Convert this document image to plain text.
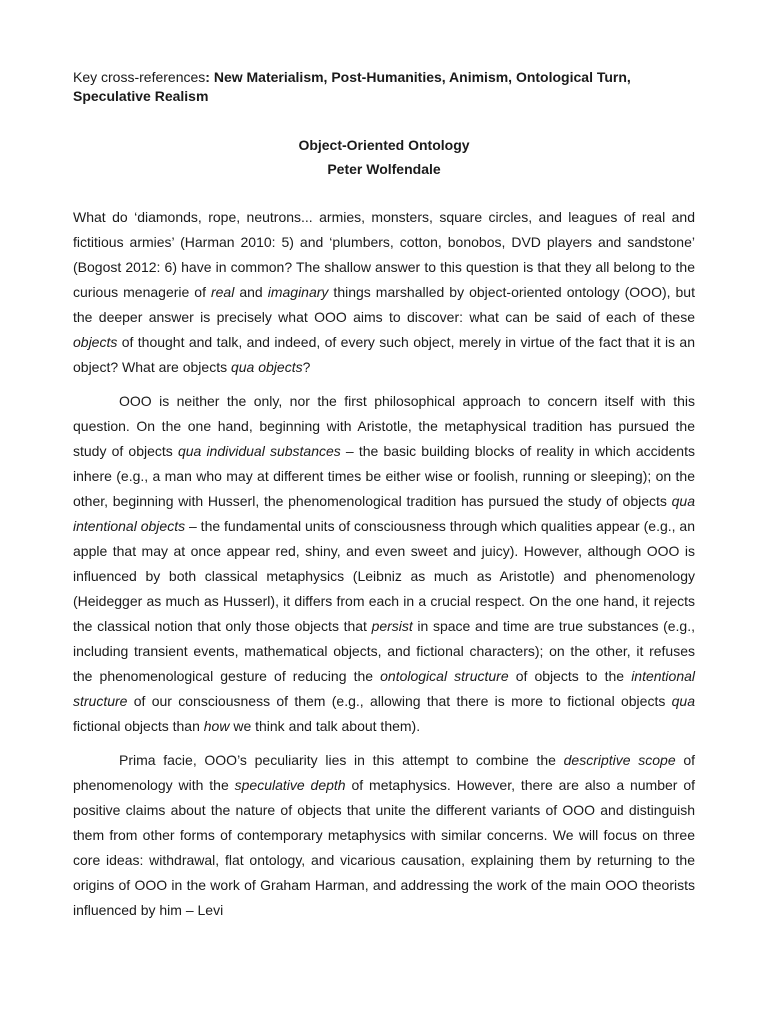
Key cross-references: New Materialism, Post-Humanities, Animism, Ontological Turn, Speculative Realism
Object-Oriented Ontology
Peter Wolfendale

What do ‘diamonds, rope, neutrons... armies, monsters, square circles, and leagues of real and fictitious armies’ (Harman 2010: 5) and ‘plumbers, cotton, bonobos, DVD players and sandstone’ (Bogost 2012: 6) have in common? The shallow answer to this question is that they all belong to the curious menagerie of real and imaginary things marshalled by object-oriented ontology (OOO), but the deeper answer is precisely what OOO aims to discover: what can be said of each of these objects of thought and talk, and indeed, of every such object, merely in virtue of the fact that it is an object? What are objects qua objects?

OOO is neither the only, nor the first philosophical approach to concern itself with this question. On the one hand, beginning with Aristotle, the metaphysical tradition has pursued the study of objects qua individual substances – the basic building blocks of reality in which accidents inhere (e.g., a man who may at different times be either wise or foolish, running or sleeping); on the other, beginning with Husserl, the phenomenological tradition has pursued the study of objects qua intentional objects – the fundamental units of consciousness through which qualities appear (e.g., an apple that may at once appear red, shiny, and even sweet and juicy). However, although OOO is influenced by both classical metaphysics (Leibniz as much as Aristotle) and phenomenology (Heidegger as much as Husserl), it differs from each in a crucial respect. On the one hand, it rejects the classical notion that only those objects that persist in space and time are true substances (e.g., including transient events, mathematical objects, and fictional characters); on the other, it refuses the phenomenological gesture of reducing the ontological structure of objects to the intentional structure of our consciousness of them (e.g., allowing that there is more to fictional objects qua fictional objects than how we think and talk about them).

Prima facie, OOO’s peculiarity lies in this attempt to combine the descriptive scope of phenomenology with the speculative depth of metaphysics. However, there are also a number of positive claims about the nature of objects that unite the different variants of OOO and distinguish them from other forms of contemporary metaphysics with similar concerns. We will focus on three core ideas: withdrawal, flat ontology, and vicarious causation, explaining them by returning to the origins of OOO in the work of Graham Harman, and addressing the work of the main OOO theorists influenced by him – Levi
